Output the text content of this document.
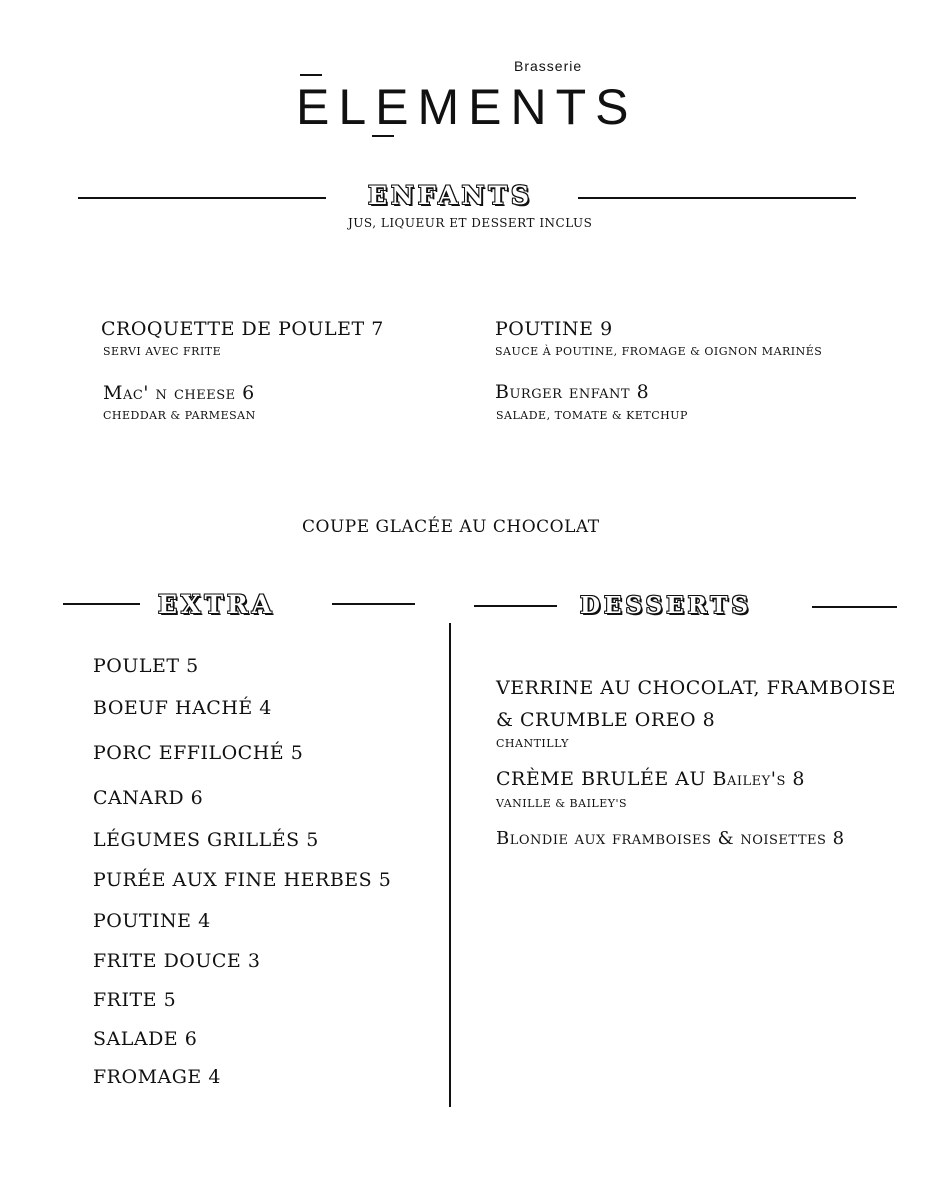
Brasserie
ELEMENTS
ENFANTS
JUS, LIQUEUR ET DESSERT INCLUS
CROQUETTE DE POULET 7
SERVI AVEC FRITE
POUTINE 9
SAUCE À POUTINE, FROMAGE & OIGNON MARINÉS
Mac' n cheese 6
CHEDDAR & PARMESAN
Burger enfant 8
SALADE, TOMATE & KETCHUP
COUPE GLACÉE AU CHOCOLAT
EXTRA	DESSERTS
POULET 5
BOEUF HACHÉ 4
PORC EFFILOCHÉ 5
CANARD 6
LÉGUMES GRILLÉS 5
PURÉE AUX FINE HERBES 5
POUTINE 4
FRITE DOUCE 3
FRITE 5
SALADE 6
FROMAGE 4
VERRINE AU CHOCOLAT, FRAMBOISE
& CRUMBLE OREO 8
CHANTILLY
CRÈME BRULÉE AU Bailey's 8
VANILLE & BAILEY'S
Blondie aux framboises & noisettes 8
